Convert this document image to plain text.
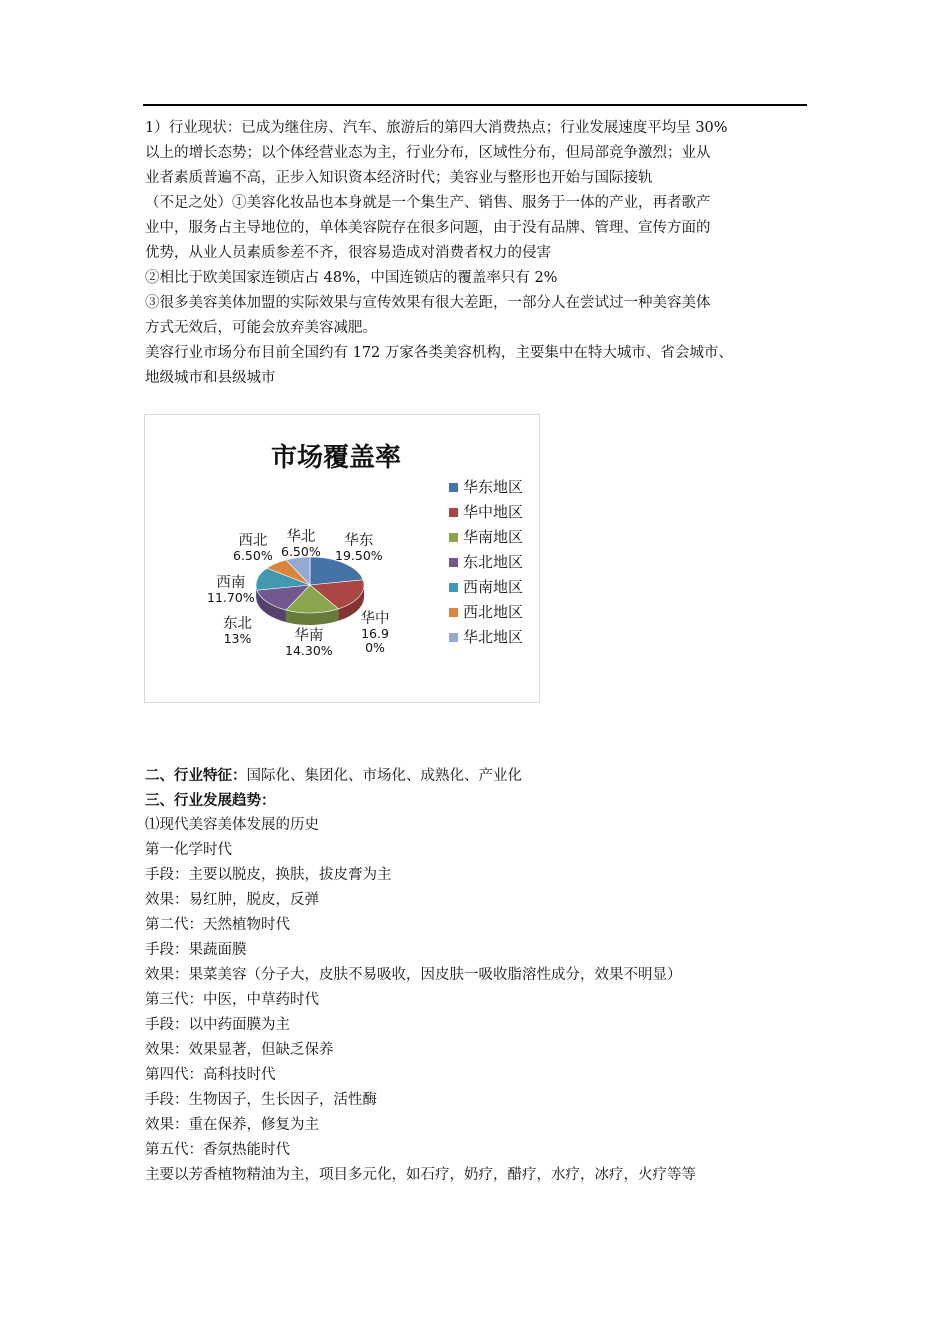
1）行业现状：已成为继住房、汽车、旅游后的第四大消费热点；行业发展速度平均呈 30%
以上的增长态势；以个体经营业态为主，行业分布，区域性分布，但局部竞争激烈；业从
业者素质普遍不高，正步入知识资本经济时代；美容业与整形也开始与国际接轨
（不足之处）①美容化妆品也本身就是一个集生产、销售、服务于一体的产业，再者歌产
业中，服务占主导地位的，单体美容院存在很多问题，由于没有品牌、管理、宣传方面的
优势，从业人员素质参差不齐，很容易造成对消费者权力的侵害
②相比于欧美国家连锁店占 48%，中国连锁店的覆盖率只有 2%
③很多美容美体加盟的实际效果与宣传效果有很大差距，一部分人在尝试过一种美容美体
方式无效后，可能会放弃美容减肥。
美容行业市场分布目前全国约有 172 万家各类美容机构，主要集中在特大城市、省会城市、
地级城市和县级城市
市场覆盖率
华东地区
华中地区
华南地区
东北地区
西南地区
西北地区
华北地区
华东
19.50%
华中
16.90%
华南
14.30%
东北
13%
西南
11.70%
西北
6.50%
华北
6.50%
二、行业特征：国际化、集团化、市场化、成熟化、产业化
三、行业发展趋势：
⑴现代美容美体发展的历史
第一化学时代
手段：主要以脱皮，换肤，拔皮膏为主
效果：易红肿，脱皮，反弹
第二代：天然植物时代
手段：果蔬面膜
效果：果菜美容（分子大，皮肤不易吸收，因皮肤一吸收脂溶性成分，效果不明显）
第三代：中医，中草药时代
手段：以中药面膜为主
效果：效果显著，但缺乏保养
第四代：高科技时代
手段：生物因子，生长因子，活性酶
效果：重在保养，修复为主
第五代：香氛热能时代
主要以芳香植物精油为主，项目多元化，如石疗，奶疗，醋疗，水疗，冰疗，火疗等等
